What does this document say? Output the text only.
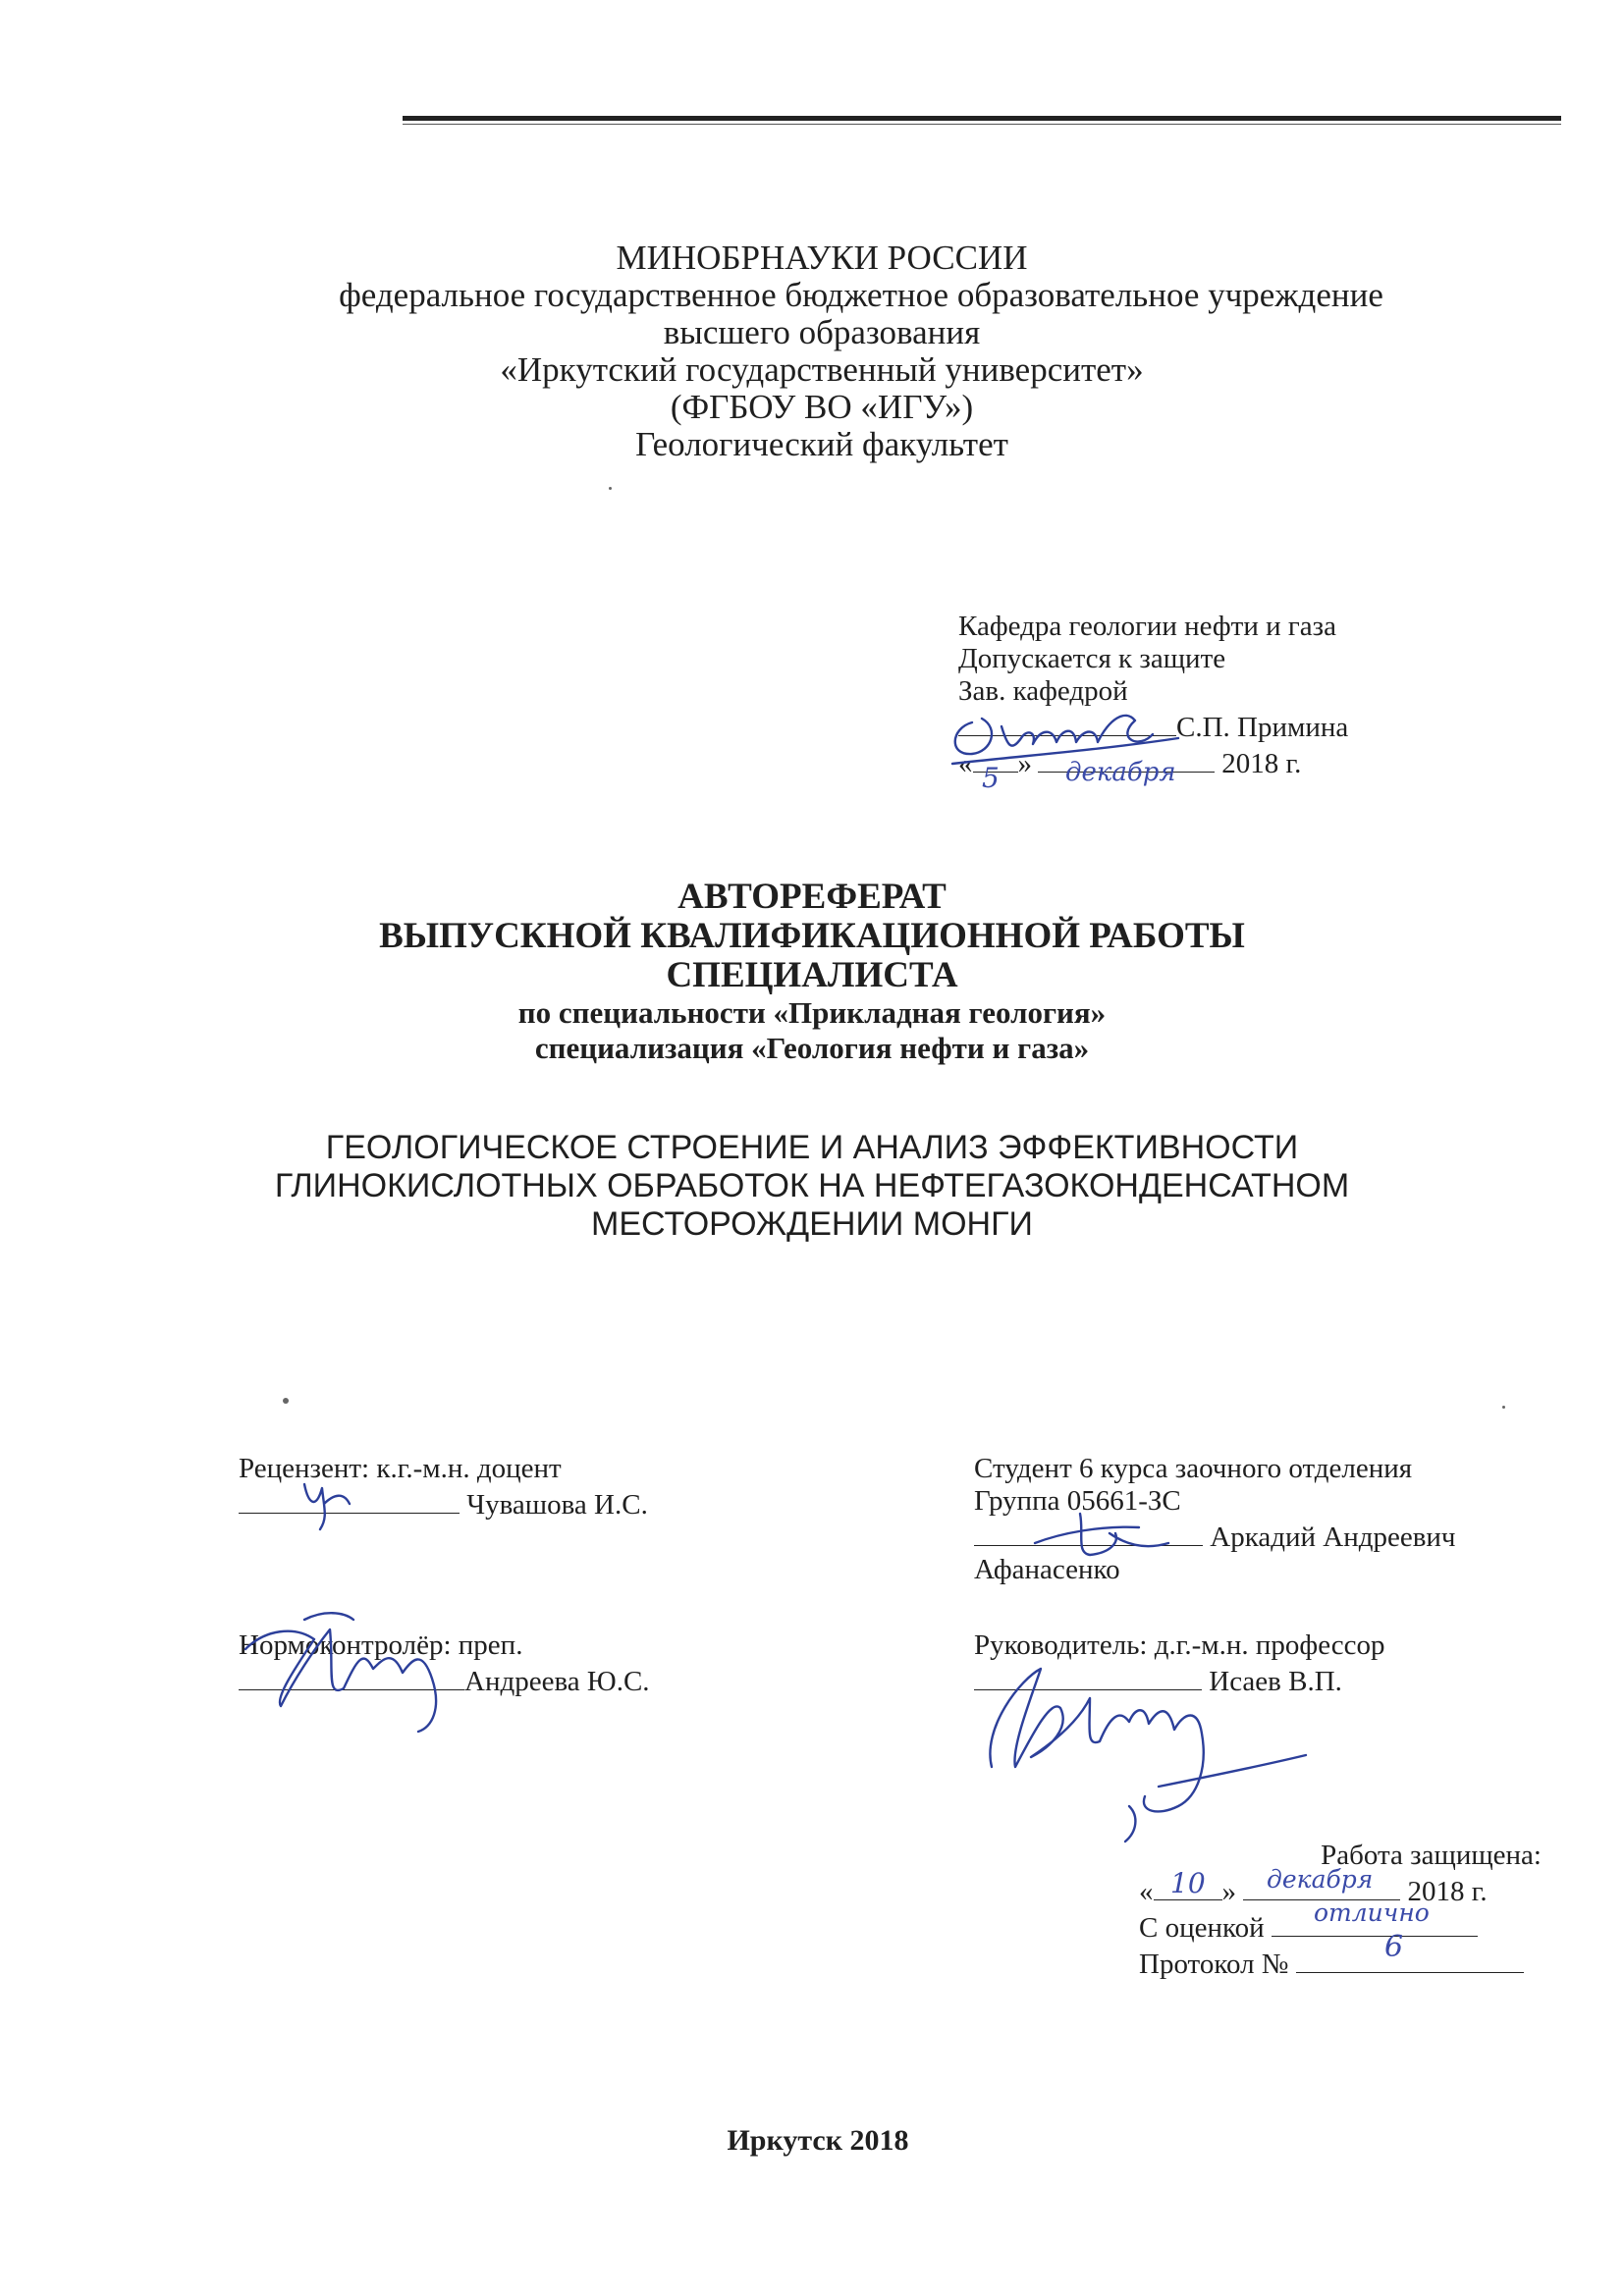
МИНОБРНАУКИ РОССИИ
федеральное государственное бюджетное образовательное учреждение
высшего образования
«Иркутский государственный университет»
(ФГБОУ ВО «ИГУ»)
Геологический факультет
Кафедра геологии нефти и газа
Допускается к защите
Зав. кафедрой
С.П. Примина
« »	2018 г.
5	декабря
АВТОРЕФЕРАТ
ВЫПУСКНОЙ КВАЛИФИКАЦИОННОЙ РАБОТЫ
СПЕЦИАЛИСТА
по специальности «Прикладная геология»
специализация «Геология нефти и газа»
ГЕОЛОГИЧЕСКОЕ СТРОЕНИЕ И АНАЛИЗ ЭФФЕКТИВНОСТИ
ГЛИНОКИСЛОТНЫХ ОБРАБОТОК НА НЕФТЕГАЗОКОНДЕНСАТНОМ
МЕСТОРОЖДЕНИИ МОНГИ
Рецензент: к.г.-м.н. доцент
Чувашова И.С.
Нормоконтролёр: преп.
Андреева Ю.С.
Студент 6 курса заочного отделения
Группа 05661-ЗС
Аркадий Андреевич
Афанасенко
Руководитель: д.г.-м.н. профессор
Исаев В.П.
Работа защищена:
« »	2018 г.
С оценкой
Протокол №
10 декабря
отлично
6
Иркутск 2018
